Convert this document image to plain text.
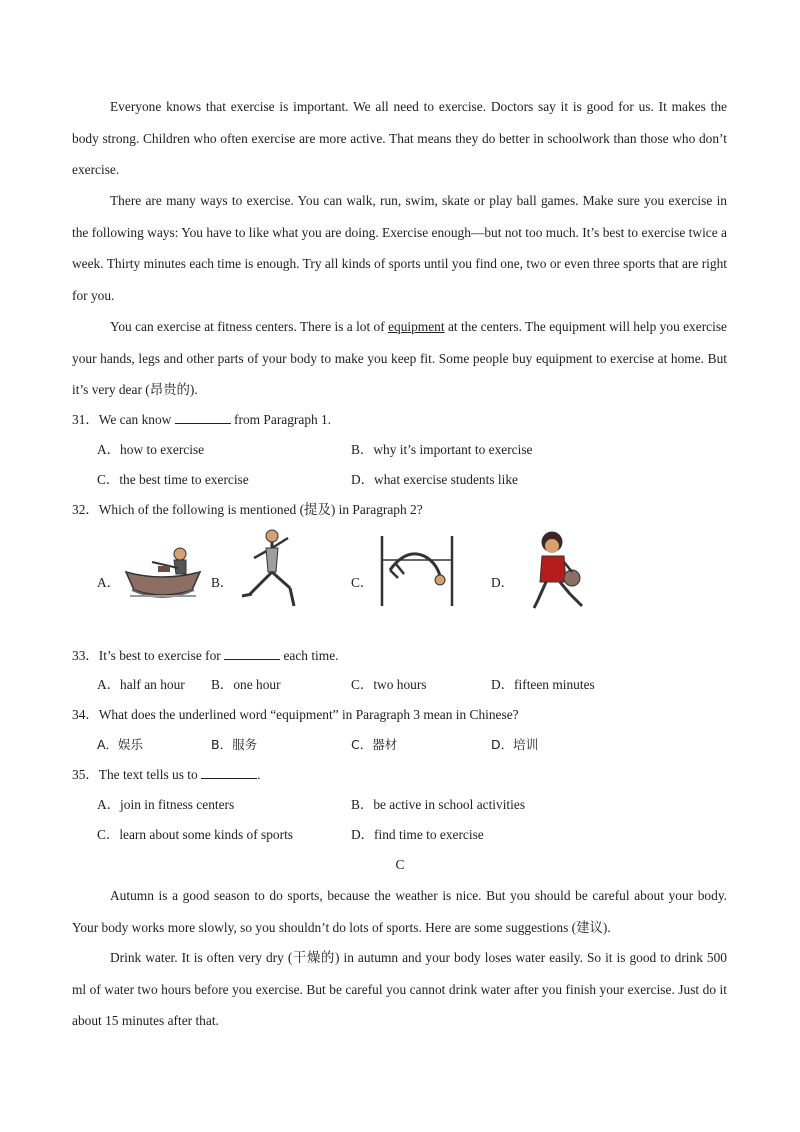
Everyone knows that exercise is important. We all need to exercise. Doctors say it is good for us. It makes the body strong. Children who often exercise are more active. That means they do better in schoolwork than those who don’t exercise.
There are many ways to exercise. You can walk, run, swim, skate or play ball games. Make sure you exercise in the following ways: You have to like what you are doing. Exercise enough—but not too much. It’s best to exercise twice a week. Thirty minutes each time is enough. Try all kinds of sports until you find one, two or even three sports that are right for you.
You can exercise at fitness centers. There is a lot of equipment at the centers. The equipment will help you exercise your hands, legs and other parts of your body to make you keep fit. Some people buy equipment to exercise at home. But it’s very dear (昂贵的).
31．We can know	from Paragraph 1.
A．how to exercise	B．why it’s important to exercise
C．the best time to exercise	D．what exercise students like
32．Which of the following is mentioned (提及) in Paragraph 2?
A．	B．	C．	D．
33．It’s best to exercise for	each time.
A．half an hour B．one hour	C．two hours	D．fifteen minutes
34．What does the underlined word “equipment” in Paragraph 3 mean in Chinese?
A．娱乐	B．服务	C．器材	D．培训
35．The text tells us to	.
A．join in fitness centers	B．be active in school activities
C．learn about some kinds of sports	D．find time to exercise
C
Autumn is a good season to do sports, because the weather is nice. But you should be careful about your body. Your body works more slowly, so you shouldn’t do lots of sports. Here are some suggestions (建议).
Drink water. It is often very dry (干燥的) in autumn and your body loses water easily. So it is good to drink 500 ml of water two hours before you exercise. But be careful you cannot drink water after you finish your exercise. Just do it about 15 minutes after that.
